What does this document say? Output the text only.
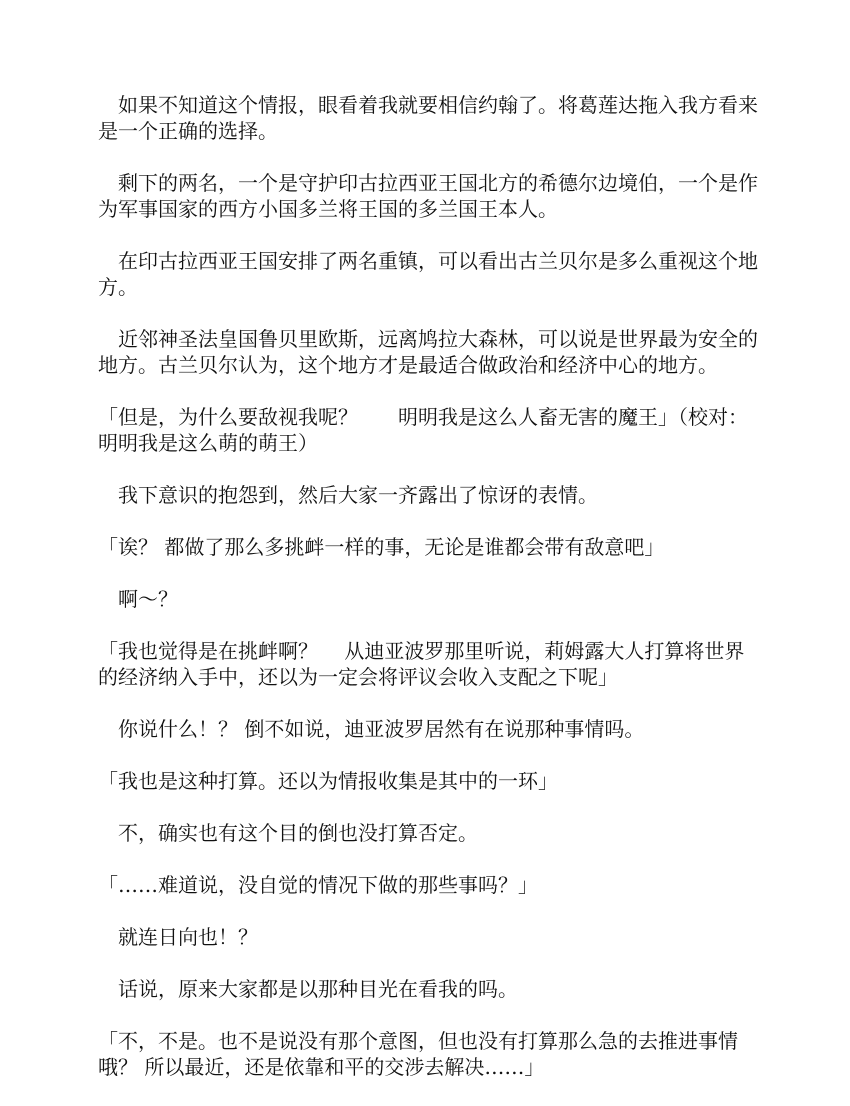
　如果不知道这个情报，眼看着我就要相信约翰了。将葛莲达拖入我方看来是一个正确的选择。

　剩下的两名，一个是守护印古拉西亚王国北方的希德尔边境伯，一个是作为军事国家的西方小国多兰将王国的多兰国王本人。

　在印古拉西亚王国安排了两名重镇，可以看出古兰贝尔是多么重视这个地方。

　近邻神圣法皇国鲁贝里欧斯，远离鸠拉大森林，可以说是世界最为安全的地方。古兰贝尔认为，这个地方才是最适合做政治和经济中心的地方。

「但是，为什么要敌视我呢？　　明明我是这么人畜无害的魔王」（校对：明明我是这么萌的萌王）

　我下意识的抱怨到，然后大家一齐露出了惊讶的表情。

「诶？ 都做了那么多挑衅一样的事，无论是谁都会带有敌意吧」

　啊～？

「我也觉得是在挑衅啊？　 从迪亚波罗那里听说，莉姆露大人打算将世界的经济纳入手中，还以为一定会将评议会收入支配之下呢」

　你说什么！？ 倒不如说，迪亚波罗居然有在说那种事情吗。

「我也是这种打算。还以为情报收集是其中的一环」

　不，确实也有这个目的倒也没打算否定。

「……难道说，没自觉的情况下做的那些事吗？」

　就连日向也！？

　话说，原来大家都是以那种目光在看我的吗。

「不，不是。也不是说没有那个意图，但也没有打算那么急的去推进事情哦？ 所以最近，还是依靠和平的交涉去解决……」
